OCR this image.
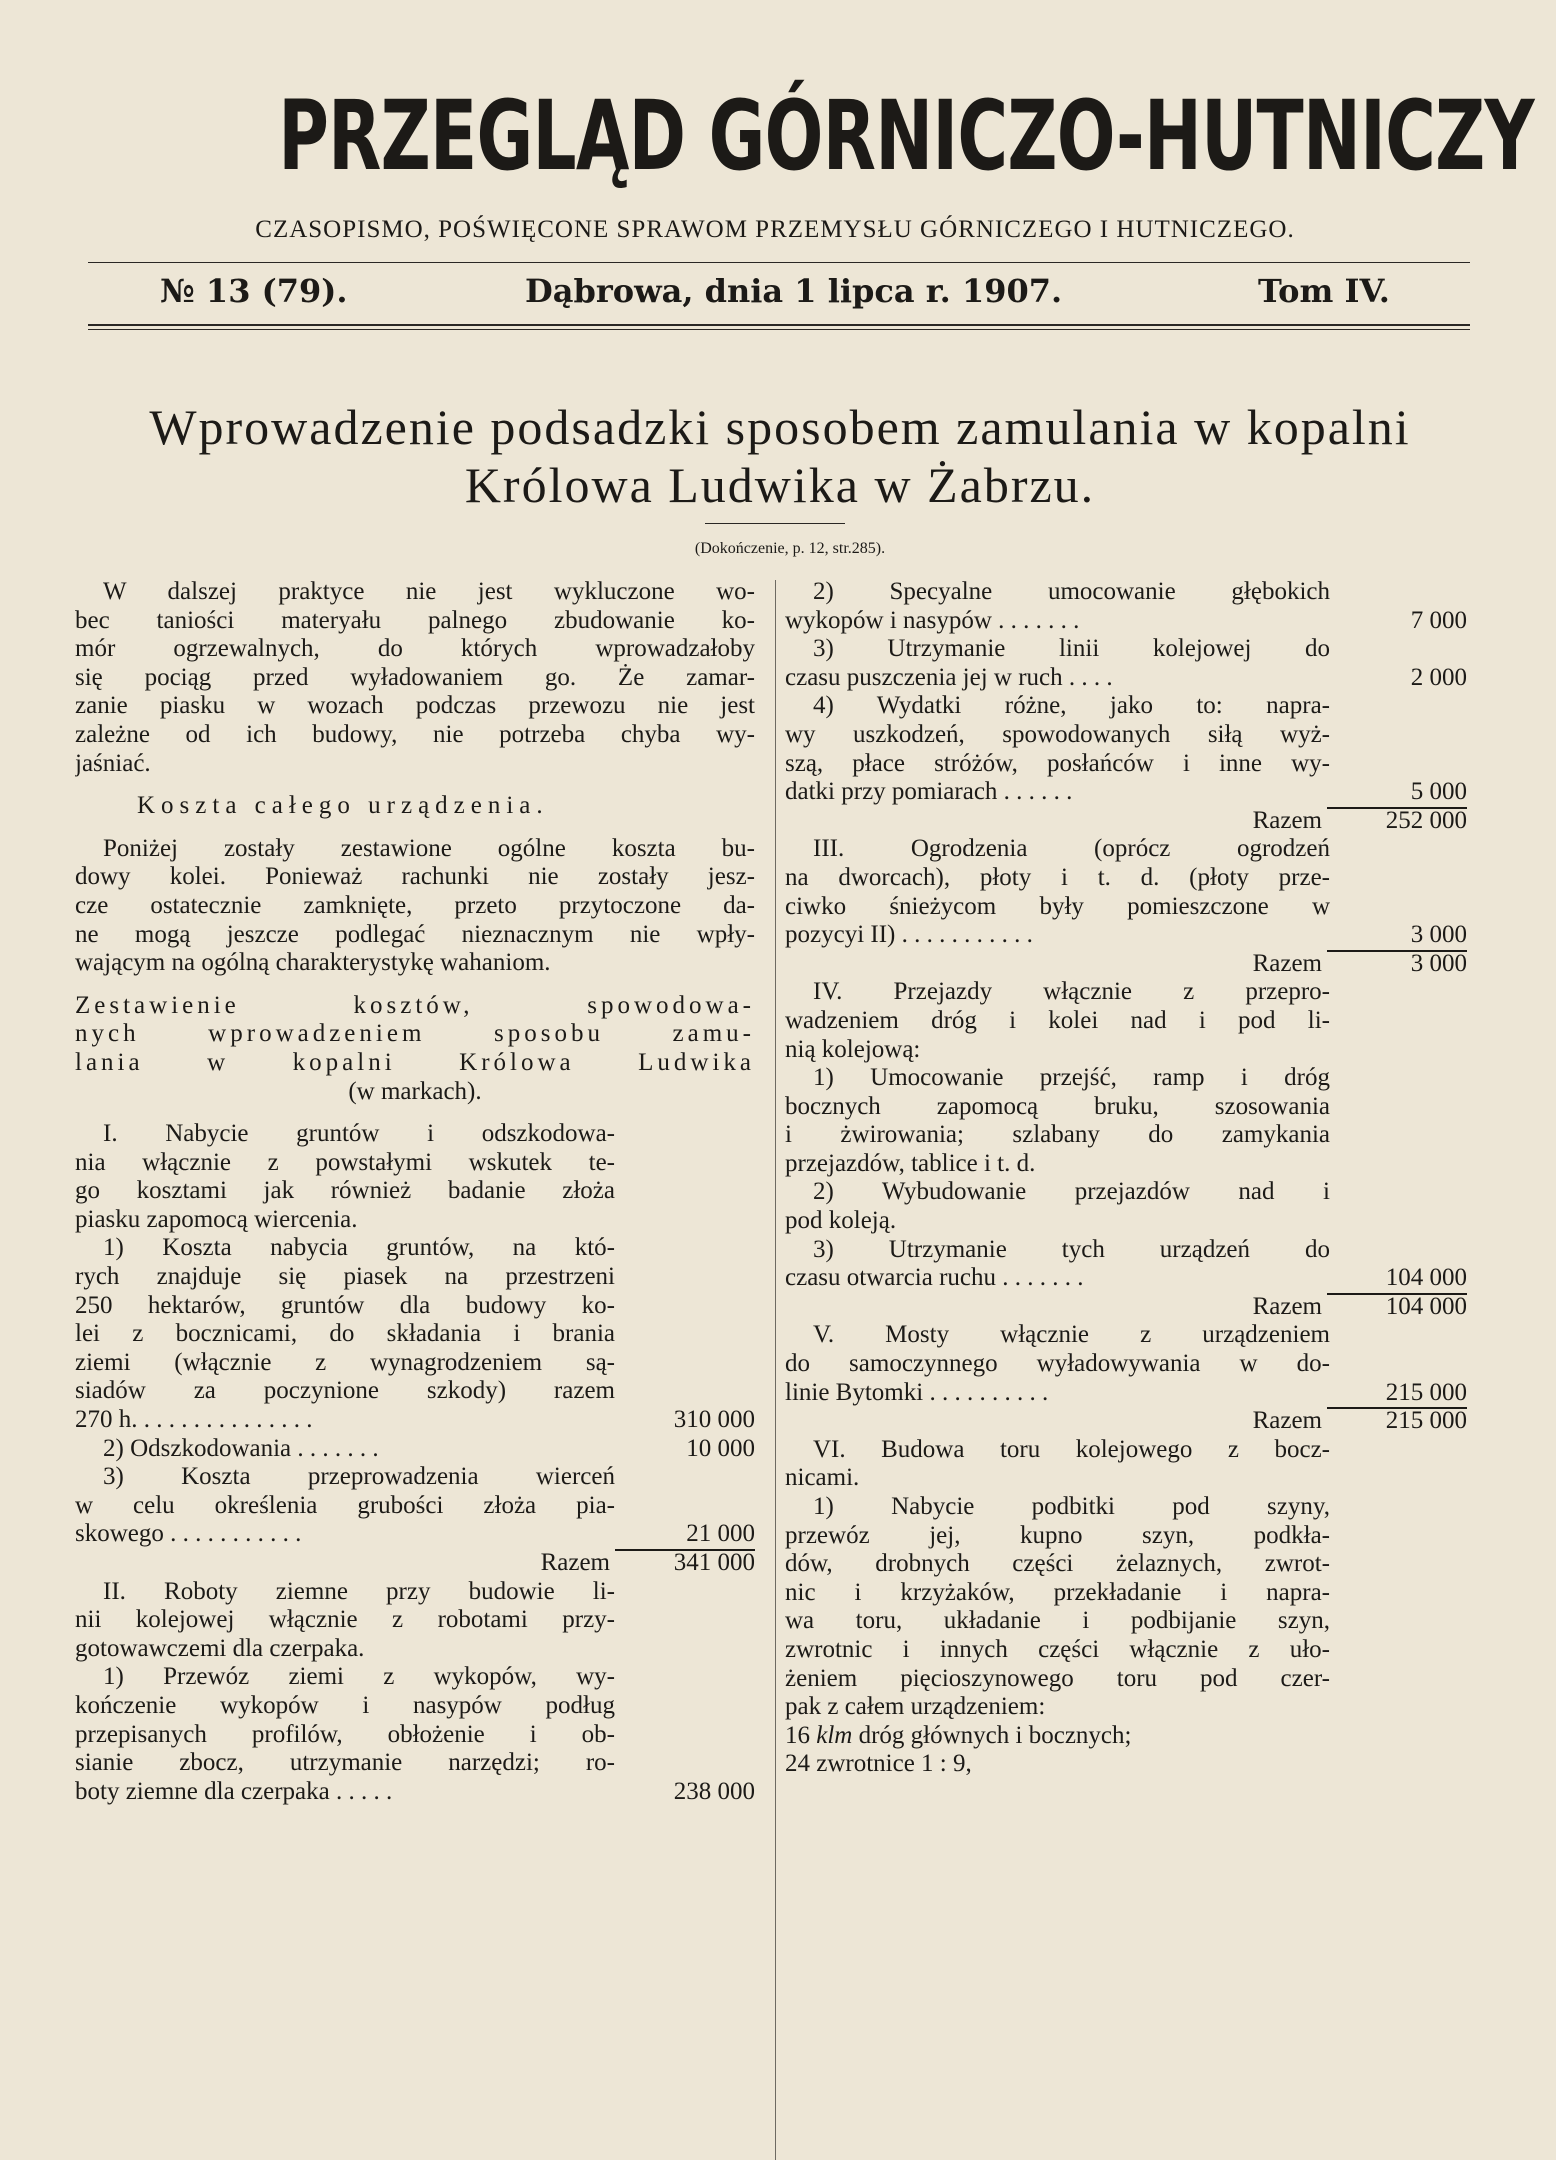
PRZEGLĄD GÓRNICZO-HUTNICZY
CZASOPISMO, POŚWIĘCONE SPRAWOM PRZEMYSŁU GÓRNICZEGO I HUTNICZEGO.
№ 13 (79).	Dąbrowa, dnia 1 lipca r. 1907.	Tom IV.
Wprowadzenie podsadzki sposobem zamulania w kopalni
Królowa Ludwika w Żabrzu.
(Dokończenie, p. 12, str.285).

W dalszej praktyce nie jest wykluczone wo-

bec taniości materyału palnego zbudowanie ko-

mór ogrzewalnych, do których wprowadzałoby

się pociąg przed wyładowaniem go. Że zamar-

zanie piasku w wozach podczas przewozu nie jest

zależne od ich budowy, nie potrzeba chyba wy-

jaśniać.

Koszta całego urządzenia.

Poniżej zostały zestawione ogólne koszta bu-

dowy kolei. Ponieważ rachunki nie zostały jesz-

cze ostatecznie zamknięte, przeto przytoczone da-

ne mogą jeszcze podlegać nieznacznym nie wpły-

wającym na ogólną charakterystykę wahaniom.

Zestawienie kosztów, spowodowa-

nych wprowadzeniem sposobu zamu-

lania w kopalni Królowa Ludwika

(w markach).

I. Nabycie gruntów i odszkodowa-

nia włącznie z powstałymi wskutek te-

go kosztami jak również badanie złoża

piasku zapomocą wiercenia.

1) Koszta nabycia gruntów, na któ-

rych znajduje się piasek na przestrzeni

250 hektarów, gruntów dla budowy ko-

lei z bocznicami, do składania i brania

ziemi (włącznie z wynagrodzeniem są-

siadów za poczynione szkody) razem

270 h. . . . . . . . . . . . . . .	310 000
2) Odszkodowania . . . . . . .	10 000

3) Koszta przeprowadzenia wierceń

w celu określenia grubości złoża pia-

skowego . . . . . . . . . . .	21 000
Razem	341 000

II. Roboty ziemne przy budowie li-

nii kolejowej włącznie z robotami przy-

gotowawczemi dla czerpaka.

1) Przewóz ziemi z wykopów, wy-

kończenie wykopów i nasypów podług

przepisanych profilów, obłożenie i ob-

sianie zbocz, utrzymanie narzędzi; ro-

boty ziemne dla czerpaka . . . . .	238 000

2) Specyalne umocowanie głębokich

wykopów i nasypów . . . . . . .	7 000

3) Utrzymanie linii kolejowej do

czasu puszczenia jej w ruch . . . .	2 000

4) Wydatki różne, jako to: napra-

wy uszkodzeń, spowodowanych siłą wyż-

szą, płace stróżów, posłańców i inne wy-

datki przy pomiarach . . . . . .	5 000
Razem	252 000

III. Ogrodzenia (oprócz ogrodzeń

na dworcach), płoty i t. d. (płoty prze-

ciwko śnieżycom były pomieszczone w

pozycyi II) . . . . . . . . . . .	3 000
Razem	3 000

IV. Przejazdy włącznie z przepro-

wadzeniem dróg i kolei nad i pod li-

nią kolejową:

1) Umocowanie przejść, ramp i dróg

bocznych zapomocą bruku, szosowania

i żwirowania; szlabany do zamykania

przejazdów, tablice i t. d.

2) Wybudowanie przejazdów nad i

pod koleją.

3) Utrzymanie tych urządzeń do

czasu otwarcia ruchu . . . . . . .	104 000
Razem	104 000

V. Mosty włącznie z urządzeniem

do samoczynnego wyładowywania w do-

linie Bytomki . . . . . . . . . .	215 000
Razem	215 000

VI. Budowa toru kolejowego z bocz-

nicami.

1) Nabycie podbitki pod szyny,

przewóz jej, kupno szyn, podkła-

dów, drobnych części żelaznych, zwrot-

nic i krzyżaków, przekładanie i napra-

wa toru, układanie i podbijanie szyn,

zwrotnic i innych części włącznie z uło-

żeniem pięcioszynowego toru pod czer-

pak z całem urządzeniem:

16 klm dróg głównych i bocznych;

24 zwrotnice 1 : 9,
